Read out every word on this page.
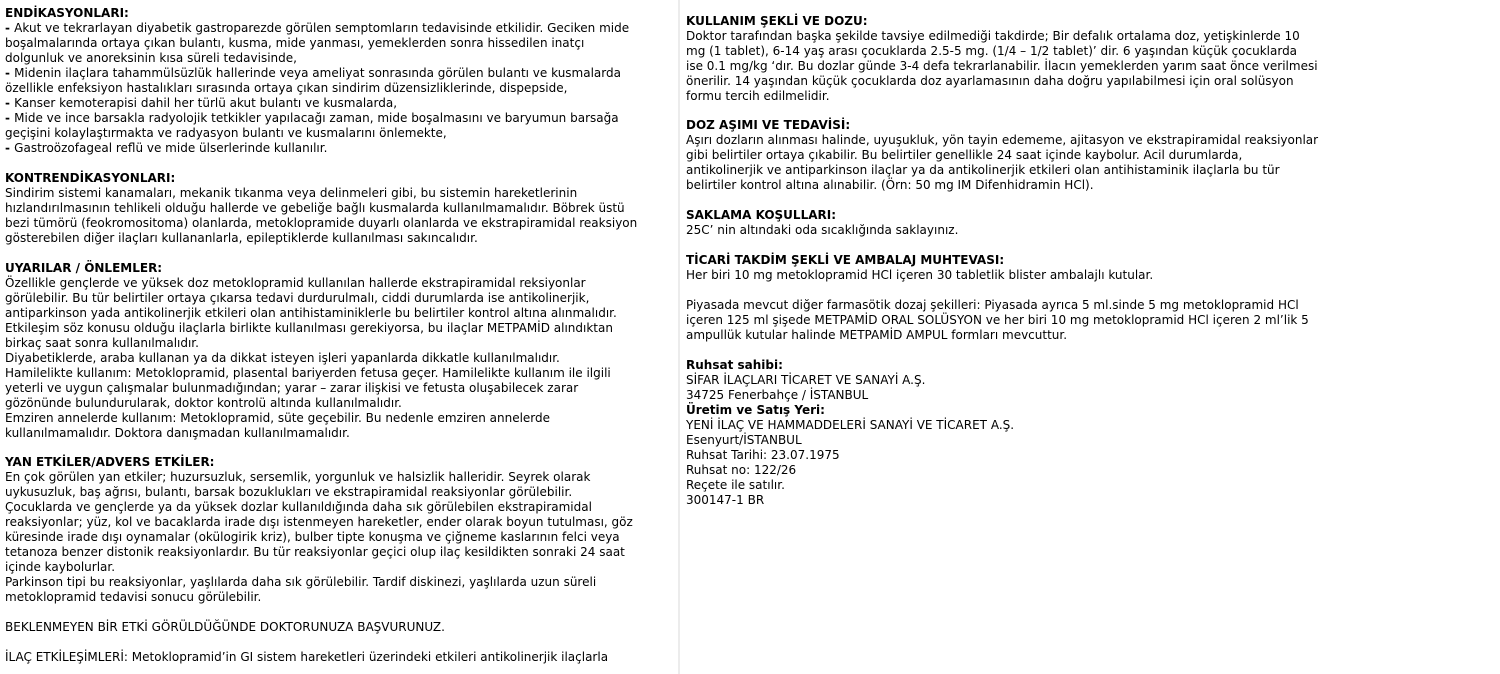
ENDİKASYONLARI:
- Akut ve tekrarlayan diyabetik gastroparezde görülen semptomların tedavisinde etkilidir. Geciken mide
boşalmalarında ortaya çıkan bulantı, kusma, mide yanması, yemeklerden sonra hissedilen inatçı
dolgunluk ve anoreksinin kısa süreli tedavisinde,
- Midenin ilaçlara tahammülsüzlük hallerinde veya ameliyat sonrasında görülen bulantı ve kusmalarda
özellikle enfeksiyon hastalıkları sırasında ortaya çıkan sindirim düzensizliklerinde, dispepside,
- Kanser kemoterapisi dahil her türlü akut bulantı ve kusmalarda,
- Mide ve ince barsakla radyolojik tetkikler yapılacağı zaman, mide boşalmasını ve baryumun barsağa
geçişini kolaylaştırmakta ve radyasyon bulantı ve kusmalarını önlemekte,
- Gastroözofageal reflü ve mide ülserlerinde kullanılır.
KONTRENDİKASYONLARI:
Sindirim sistemi kanamaları, mekanik tıkanma veya delinmeleri gibi, bu sistemin hareketlerinin
hızlandırılmasının tehlikeli olduğu hallerde ve gebeliğe bağlı kusmalarda kullanılmamalıdır. Böbrek üstü
bezi tümörü (feokromositoma) olanlarda, metoklopramide duyarlı olanlarda ve ekstrapiramidal reaksiyon
gösterebilen diğer ilaçları kullananlarla, epileptiklerde kullanılması sakıncalıdır.
UYARILAR / ÖNLEMLER:
Özellikle gençlerde ve yüksek doz metoklopramid kullanılan hallerde ekstrapiramidal reksiyonlar
görülebilir. Bu tür belirtiler ortaya çıkarsa tedavi durdurulmalı, ciddi durumlarda ise antikolinerjik,
antiparkinson yada antikolinerjik etkileri olan antihistaminiklerle bu belirtiler kontrol altına alınmalıdır.
Etkileşim söz konusu olduğu ilaçlarla birlikte kullanılması gerekiyorsa, bu ilaçlar METPAMİD alındıktan
birkaç saat sonra kullanılmalıdır.
Diyabetiklerde, araba kullanan ya da dikkat isteyen işleri yapanlarda dikkatle kullanılmalıdır.
Hamilelikte kullanım: Metoklopramid, plasental bariyerden fetusa geçer. Hamilelikte kullanım ile ilgili
yeterli ve uygun çalışmalar bulunmadığından; yarar – zarar ilişkisi ve fetusta oluşabilecek zarar
gözönünde bulundurularak, doktor kontrolü altında kullanılmalıdır.
Emziren annelerde kullanım: Metoklopramid, süte geçebilir. Bu nedenle emziren annelerde
kullanılmamalıdır. Doktora danışmadan kullanılmamalıdır.
YAN ETKİLER/ADVERS ETKİLER:
En çok görülen yan etkiler; huzursuzluk, sersemlik, yorgunluk ve halsizlik halleridir. Seyrek olarak
uykusuzluk, baş ağrısı, bulantı, barsak bozuklukları ve ekstrapiramidal reaksiyonlar görülebilir.
Çocuklarda ve gençlerde ya da yüksek dozlar kullanıldığında daha sık görülebilen ekstrapiramidal
reaksiyonlar; yüz, kol ve bacaklarda irade dışı istenmeyen hareketler, ender olarak boyun tutulması, göz
küresinde irade dışı oynamalar (okülogirik kriz), bulber tipte konuşma ve çiğneme kaslarının felci veya
tetanoza benzer distonik reaksiyonlardır. Bu tür reaksiyonlar geçici olup ilaç kesildikten sonraki 24 saat
içinde kaybolurlar.
Parkinson tipi bu reaksiyonlar, yaşlılarda daha sık görülebilir. Tardif diskinezi, yaşlılarda uzun süreli
metoklopramid tedavisi sonucu görülebilir.
BEKLENMEYEN BİR ETKİ GÖRÜLDÜĞÜNDE DOKTORUNUZA BAŞVURUNUZ.
İLAÇ ETKİLEŞİMLERİ: Metoklopramid’in GI sistem hareketleri üzerindeki etkileri antikolinerjik ilaçlarla
KULLANIM ŞEKLİ VE DOZU:
Doktor tarafından başka şekilde tavsiye edilmediği takdirde; Bir defalık ortalama doz, yetişkinlerde 10
mg (1 tablet), 6-14 yaş arası çocuklarda 2.5-5 mg. (1/4 – 1/2 tablet)’ dir. 6 yaşından küçük çocuklarda
ise 0.1 mg/kg ‘dır. Bu dozlar günde 3-4 defa tekrarlanabilir. İlacın yemeklerden yarım saat önce verilmesi
önerilir. 14 yaşından küçük çocuklarda doz ayarlamasının daha doğru yapılabilmesi için oral solüsyon
formu tercih edilmelidir.
DOZ AŞIMI VE TEDAVİSİ:
Aşırı dozların alınması halinde, uyuşukluk, yön tayin edememe, ajitasyon ve ekstrapiramidal reaksiyonlar
gibi belirtiler ortaya çıkabilir. Bu belirtiler genellikle 24 saat içinde kaybolur. Acil durumlarda,
antikolinerjik ve antiparkinson ilaçlar ya da antikolinerjik etkileri olan antihistaminik ilaçlarla bu tür
belirtiler kontrol altına alınabilir. (Örn: 50 mg IM Difenhidramin HCl).
SAKLAMA KOŞULLARI:
25C’ nin altındaki oda sıcaklığında saklayınız.
TİCARİ TAKDİM ŞEKLİ VE AMBALAJ MUHTEVASI:
Her biri 10 mg metoklopramid HCl içeren 30 tabletlik blister ambalajlı kutular.
Piyasada mevcut diğer farmasötik dozaj şekilleri: Piyasada ayrıca 5 ml.sinde 5 mg metoklopramid HCl
içeren 125 ml şişede METPAMİD ORAL SOLÜSYON ve her biri 10 mg metoklopramid HCl içeren 2 ml’lik 5
ampullük kutular halinde METPAMİD AMPUL formları mevcuttur.
Ruhsat sahibi:
SİFAR İLAÇLARI TİCARET VE SANAYİ A.Ş.
34725 Fenerbahçe / İSTANBUL
Üretim ve Satış Yeri:
YENİ İLAÇ VE HAMMADDELERİ SANAYİ VE TİCARET A.Ş.
Esenyurt/İSTANBUL
Ruhsat Tarihi: 23.07.1975
Ruhsat no: 122/26
Reçete ile satılır.
300147-1 BR
